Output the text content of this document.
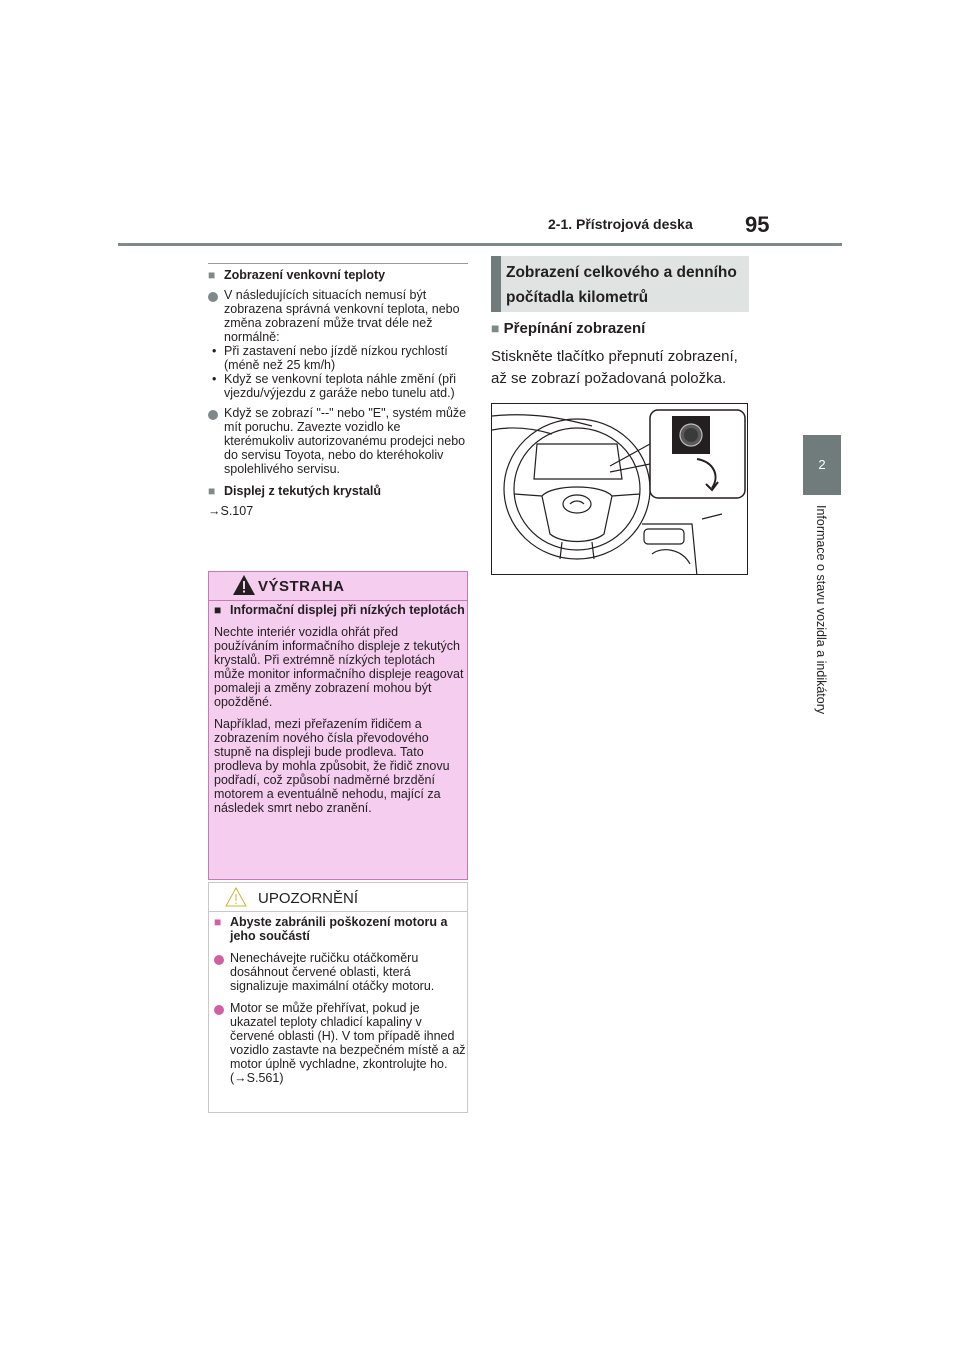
2-1. Přístrojová deska 95
2
Informace o stavu vozidla a indikátory
■ Zobrazení venkovní teploty

V následujících situacích nemusí být zobrazena správná venkovní teplota, nebo změna zobrazení může trvat déle než normálně:

• Při zastavení nebo jízdě nízkou rychlostí (méně než 25 km/h)
• Když se venkovní teplota náhle změní (při vjezdu/výjezdu z garáže nebo tunelu atd.)

Když se zobrazí "--" nebo "E", systém může mít poruchu. Zavezte vozidlo ke kterémukoliv autorizovanému prodejci nebo do servisu Toyota, nebo do kteréhokoliv spolehlivého servisu.

■ Displej z tekutých krystalů
→S.107
VÝSTRAHA
■ Informační displej při nízkých teplotách

Nechte interiér vozidla ohřát před používáním informačního displeje z tekutých krystalů. Při extrémně nízkých teplotách může monitor informačního displeje reagovat pomaleji a změny zobrazení mohou být opožděné.

Například, mezi přeřazením řidičem a zobrazením nového čísla převodového stupně na displeji bude prodleva. Tato prodleva by mohla způsobit, že řidič znovu podřadí, což způsobí nadměrné brzdění motorem a eventuálně nehodu, mající za následek smrt nebo zranění.

UPOZORNĚNÍ
■ Abyste zabránili poškození motoru a jeho součástí

Nenechávejte ručičku otáčkoměru dosáhnout červené oblasti, která signalizuje maximální otáčky motoru.

Motor se může přehřívat, pokud je ukazatel teploty chladicí kapaliny v červené oblasti (H). V tom případě ihned vozidlo zastavte na bezpečném místě a až motor úplně vychladne, zkontrolujte ho. (→S.561)

Zobrazení celkového a denního počítadla kilometrů
■ Přepínání zobrazení
Stiskněte tlačítko přepnutí zobrazení, až se zobrazí požadovaná položka.
